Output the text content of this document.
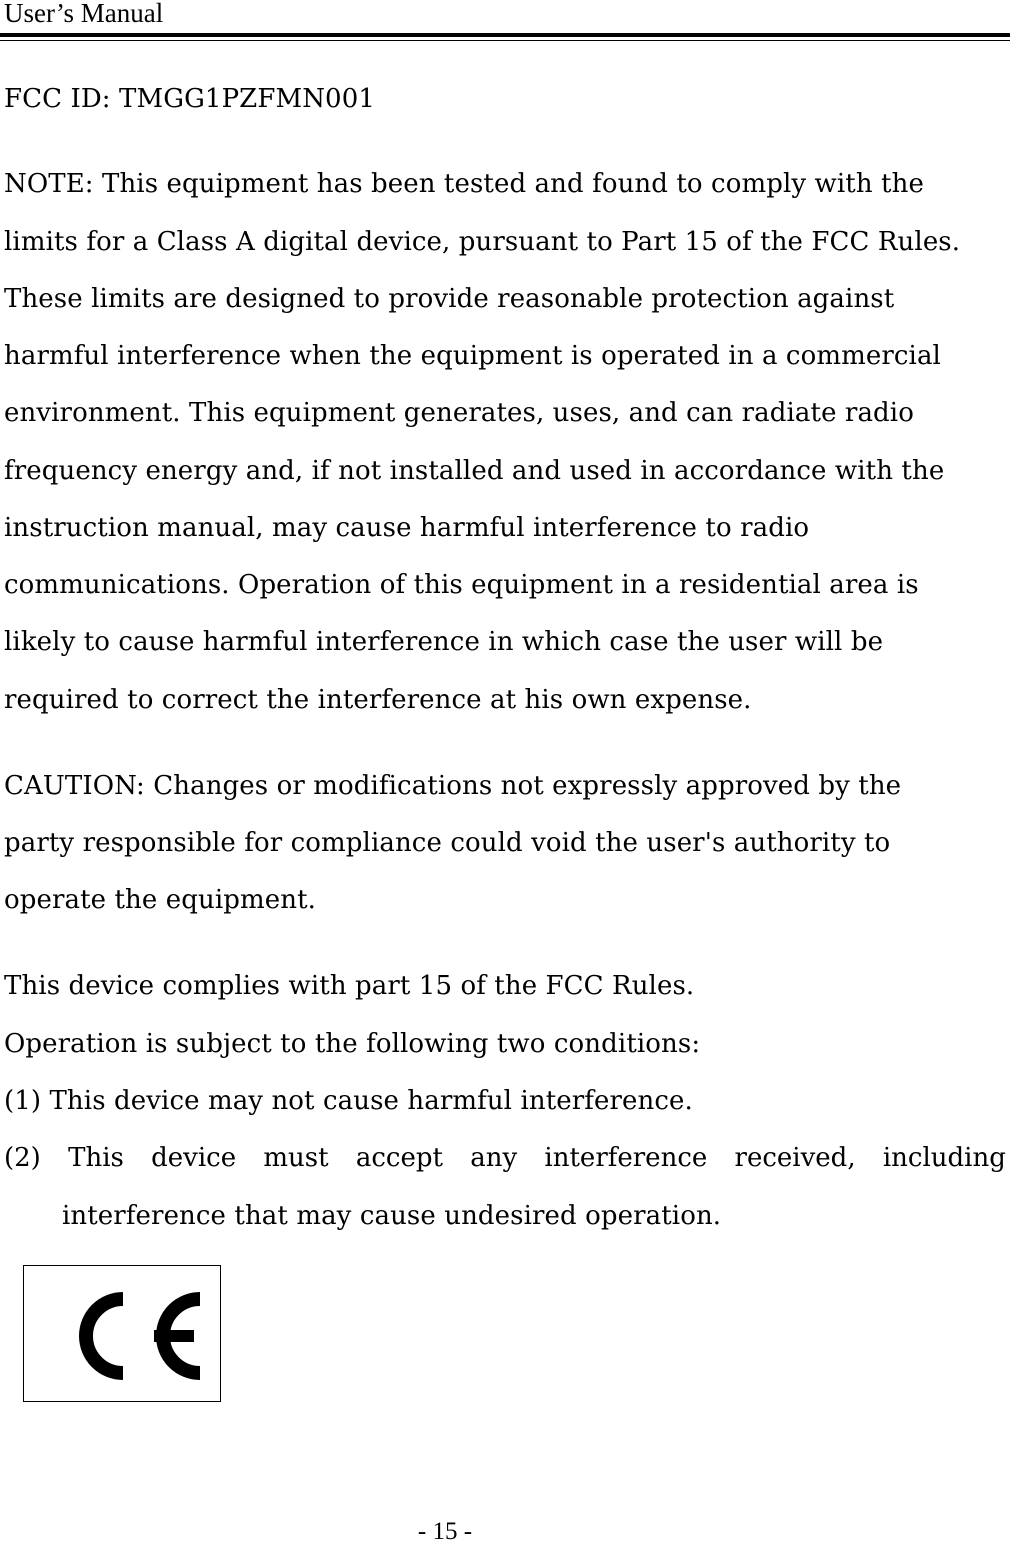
User’s Manual
FCC ID: TMGG1PZFMN001
NOTE: This equipment has been tested and found to comply with the
limits for a Class A digital device, pursuant to Part 15 of the FCC Rules.
These limits are designed to provide reasonable protection against
harmful interference when the equipment is operated in a commercial
environment. This equipment generates, uses, and can radiate radio
frequency energy and, if not installed and used in accordance with the
instruction manual, may cause harmful interference to radio
communications. Operation of this equipment in a residential area is
likely to cause harmful interference in which case the user will be
required to correct the interference at his own expense.
CAUTION: Changes or modifications not expressly approved by the
party responsible for compliance could void the user's authority to
operate the equipment.
This device complies with part 15 of the FCC Rules.
Operation is subject to the following two conditions:
(1) This device may not cause harmful interference.
(2) This device must accept any interference received, including
interference that may cause undesired operation.
- 15 -
